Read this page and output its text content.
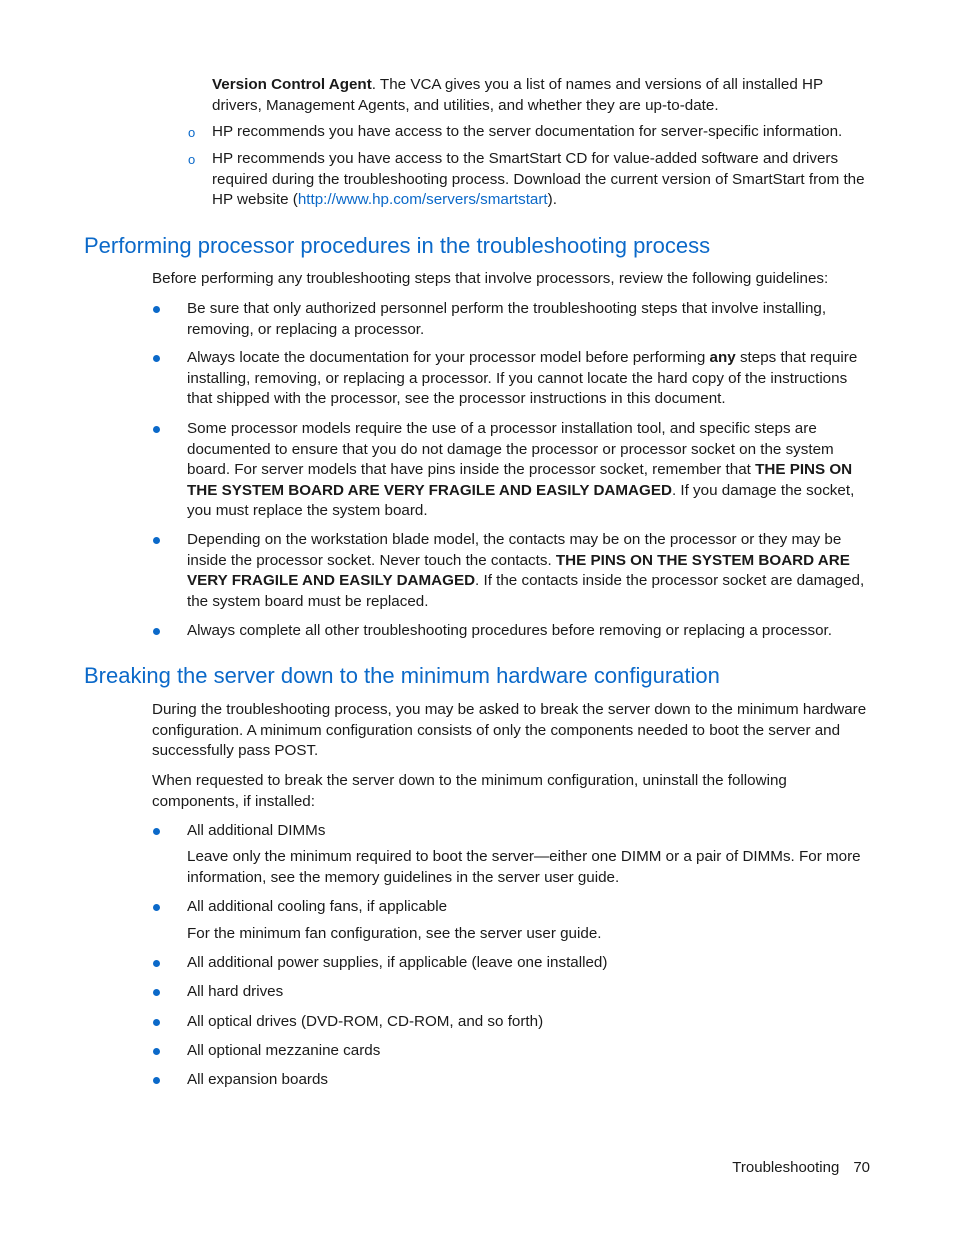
Version Control Agent. The VCA gives you a list of names and versions of all installed HP drivers, Management Agents, and utilities, and whether they are up-to-date.

o HP recommends you have access to the server documentation for server-specific information.

o HP recommends you have access to the SmartStart CD for value-added software and drivers required during the troubleshooting process. Download the current version of SmartStart from the HP website (http://www.hp.com/servers/smartstart).

Performing processor procedures in the troubleshooting process

Before performing any troubleshooting steps that involve processors, review the following guidelines:

Be sure that only authorized personnel perform the troubleshooting steps that involve installing, removing, or replacing a processor.

Always locate the documentation for your processor model before performing any steps that require installing, removing, or replacing a processor. If you cannot locate the hard copy of the instructions that shipped with the processor, see the processor instructions in this document.

Some processor models require the use of a processor installation tool, and specific steps are documented to ensure that you do not damage the processor or processor socket on the system board. For server models that have pins inside the processor socket, remember that THE PINS ON THE SYSTEM BOARD ARE VERY FRAGILE AND EASILY DAMAGED. If you damage the socket, you must replace the system board.

Depending on the workstation blade model, the contacts may be on the processor or they may be inside the processor socket. Never touch the contacts. THE PINS ON THE SYSTEM BOARD ARE VERY FRAGILE AND EASILY DAMAGED. If the contacts inside the processor socket are damaged, the system board must be replaced.

Always complete all other troubleshooting procedures before removing or replacing a processor.

Breaking the server down to the minimum hardware configuration

During the troubleshooting process, you may be asked to break the server down to the minimum hardware configuration. A minimum configuration consists of only the components needed to boot the server and successfully pass POST.

When requested to break the server down to the minimum configuration, uninstall the following components, if installed:

All additional DIMMs

Leave only the minimum required to boot the server—either one DIMM or a pair of DIMMs. For more information, see the memory guidelines in the server user guide.

All additional cooling fans, if applicable

For the minimum fan configuration, see the server user guide.

All additional power supplies, if applicable (leave one installed)

All hard drives

All optical drives (DVD-ROM, CD-ROM, and so forth)

All optional mezzanine cards

All expansion boards

Troubleshooting 70
